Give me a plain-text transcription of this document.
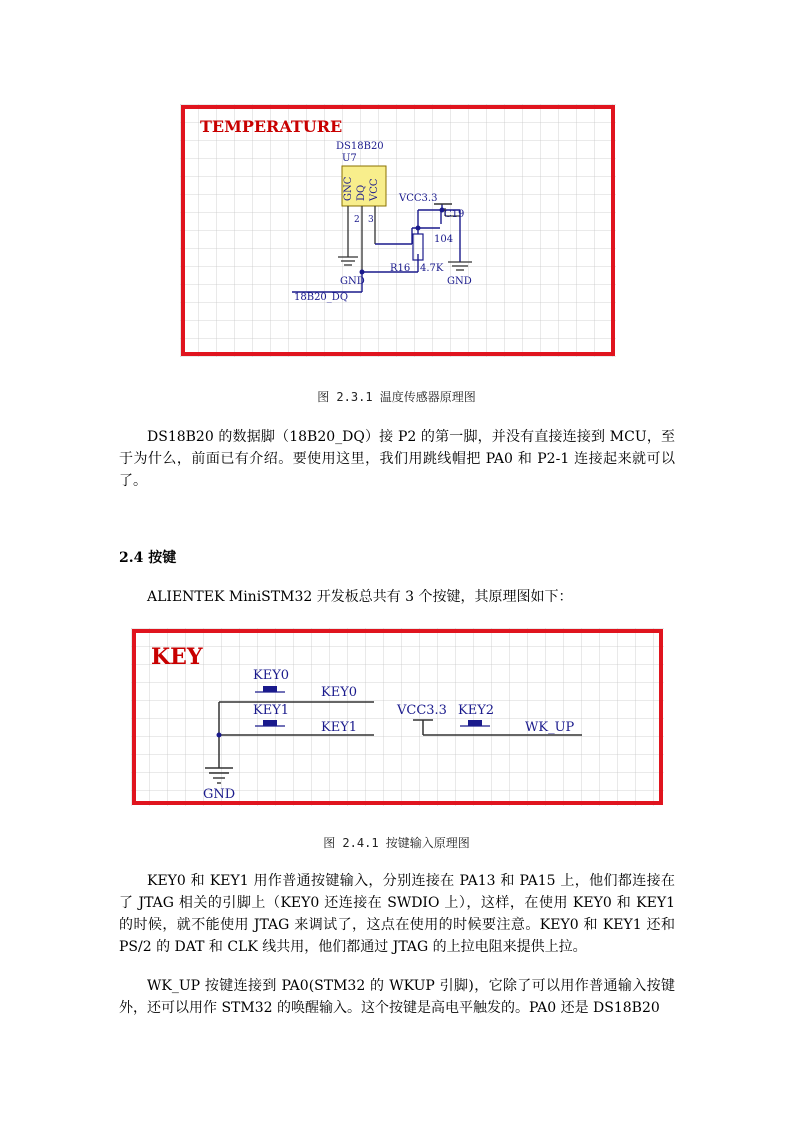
TEMPERATURE
DS18B20
U7
GNC DQ VCC
2 3
R16 4.7K
VCC3.3
C19
104
GND	GND
18B20_DQ
图 2.3.1 温度传感器原理图

DS18B20 的数据脚（18B20_DQ）接 P2 的第一脚，并没有直接连接到 MCU，至于为什么，前面已有介绍。要使用这里，我们用跳线帽把 PA0 和 P2-1 连接起来就可以了。

2.4 按键

ALIENTEK MiniSTM32 开发板总共有 3 个按键，其原理图如下：

KEY
KEY0
KEY0
KEY1
KEY1
GND
VCC3.3 KEY2
WK_UP
图 2.4.1 按键输入原理图

KEY0 和 KEY1 用作普通按键输入，分别连接在 PA13 和 PA15 上，他们都连接在了 JTAG 相关的引脚上（KEY0 还连接在 SWDIO 上），这样，在使用 KEY0 和 KEY1 的时候，就不能使用 JTAG 来调试了，这点在使用的时候要注意。KEY0 和 KEY1 还和 PS/2 的 DAT 和 CLK 线共用，他们都通过 JTAG 的上拉电阻来提供上拉。

WK_UP 按键连接到 PA0(STM32 的 WKUP 引脚)，它除了可以用作普通输入按键外，还可以用作 STM32 的唤醒输入。这个按键是高电平触发的。PA0 还是 DS18B20
